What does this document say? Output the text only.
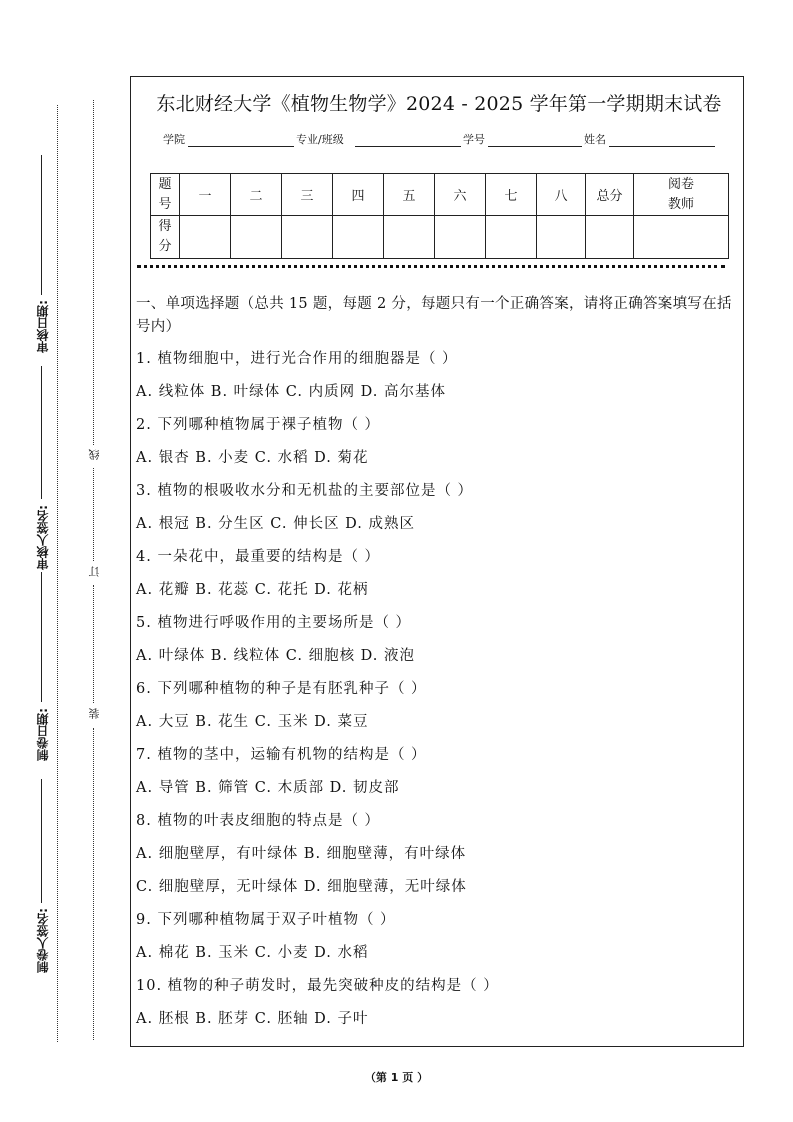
审核日期:
审核人签名:
制卷日期:
制卷人签名:
线
订
装
东北财经大学《植物生物学》2024 - 2025 学年第一学期期末试卷
学院	专业/班级	学号	姓名
题号	一	二	三	四	五	六	七	八	总分	阅卷教师

得分										

一、单项选择题（总共 15 题，每题 2 分，每题只有一个正确答案，请将正确答案填写在括号内）
1. 植物细胞中，进行光合作用的细胞器是（ ）
A. 线粒体 B. 叶绿体 C. 内质网 D. 高尔基体
2. 下列哪种植物属于裸子植物（ ）
A. 银杏 B. 小麦 C. 水稻 D. 菊花
3. 植物的根吸收水分和无机盐的主要部位是（ ）
A. 根冠 B. 分生区 C. 伸长区 D. 成熟区
4. 一朵花中，最重要的结构是（ ）
A. 花瓣 B. 花蕊 C. 花托 D. 花柄
5. 植物进行呼吸作用的主要场所是（ ）
A. 叶绿体 B. 线粒体 C. 细胞核 D. 液泡
6. 下列哪种植物的种子是有胚乳种子（ ）
A. 大豆 B. 花生 C. 玉米 D. 菜豆
7. 植物的茎中，运输有机物的结构是（ ）
A. 导管 B. 筛管 C. 木质部 D. 韧皮部
8. 植物的叶表皮细胞的特点是（ ）
A. 细胞壁厚，有叶绿体 B. 细胞壁薄，有叶绿体
C. 细胞壁厚，无叶绿体 D. 细胞壁薄，无叶绿体
9. 下列哪种植物属于双子叶植物（ ）
A. 棉花 B. 玉米 C. 小麦 D. 水稻
10. 植物的种子萌发时，最先突破种皮的结构是（ ）
A. 胚根 B. 胚芽 C. 胚轴 D. 子叶
（第 1 页 ）
